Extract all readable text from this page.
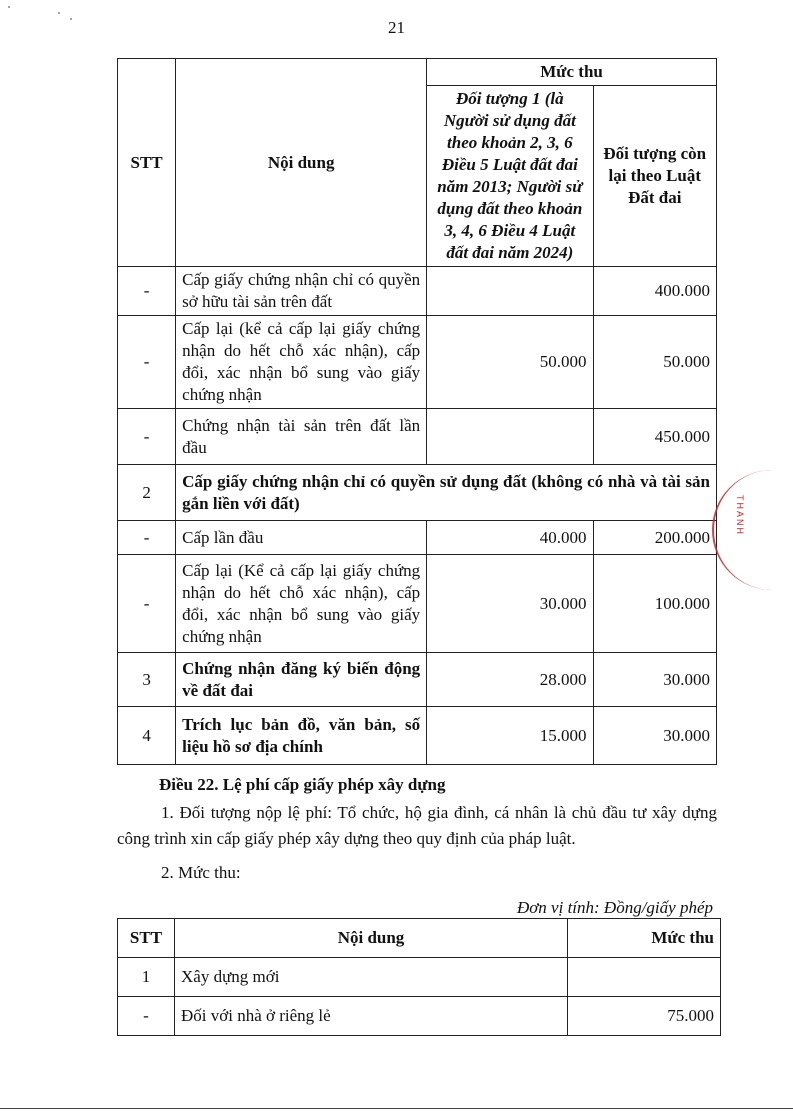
21
STT	Nội dung	Mức thu	
		Đối tượng 1 (là Người sử dụng đất theo khoản 2, 3, 6 Điều 5 Luật đất đai năm 2013; Người sử dụng đất theo khoản 3, 4, 6 Điều 4 Luật đất đai năm 2024)	Đối tượng còn lại theo Luật Đất đai
-	Cấp giấy chứng nhận chỉ có quyền sở hữu tài sản trên đất		400.000
-	Cấp lại (kể cả cấp lại giấy chứng nhận do hết chỗ xác nhận), cấp đổi, xác nhận bổ sung vào giấy chứng nhận	50.000	50.000
-	Chứng nhận tài sản trên đất lần đầu		450.000
2	Cấp giấy chứng nhận chỉ có quyền sử dụng đất (không có nhà và tài sản gắn liền với đất)		
-	Cấp lần đầu	40.000	200.000
-	Cấp lại (Kể cả cấp lại giấy chứng nhận do hết chỗ xác nhận), cấp đổi, xác nhận bổ sung vào giấy chứng nhận	30.000	100.000
3	Chứng nhận đăng ký biến động về đất đai	28.000	30.000
4	Trích lục bản đồ, văn bản, số liệu hồ sơ địa chính	15.000	30.000
THANH
Điều 22. Lệ phí cấp giấy phép xây dựng
1. Đối tượng nộp lệ phí: Tổ chức, hộ gia đình, cá nhân là chủ đầu tư xây dựng công trình xin cấp giấy phép xây dựng theo quy định của pháp luật.
2. Mức thu:
Đơn vị tính: Đồng/giấy phép
STT	Nội dung	Mức thu
1	Xây dựng mới	
-	Đối với nhà ở riêng lẻ	75.000
